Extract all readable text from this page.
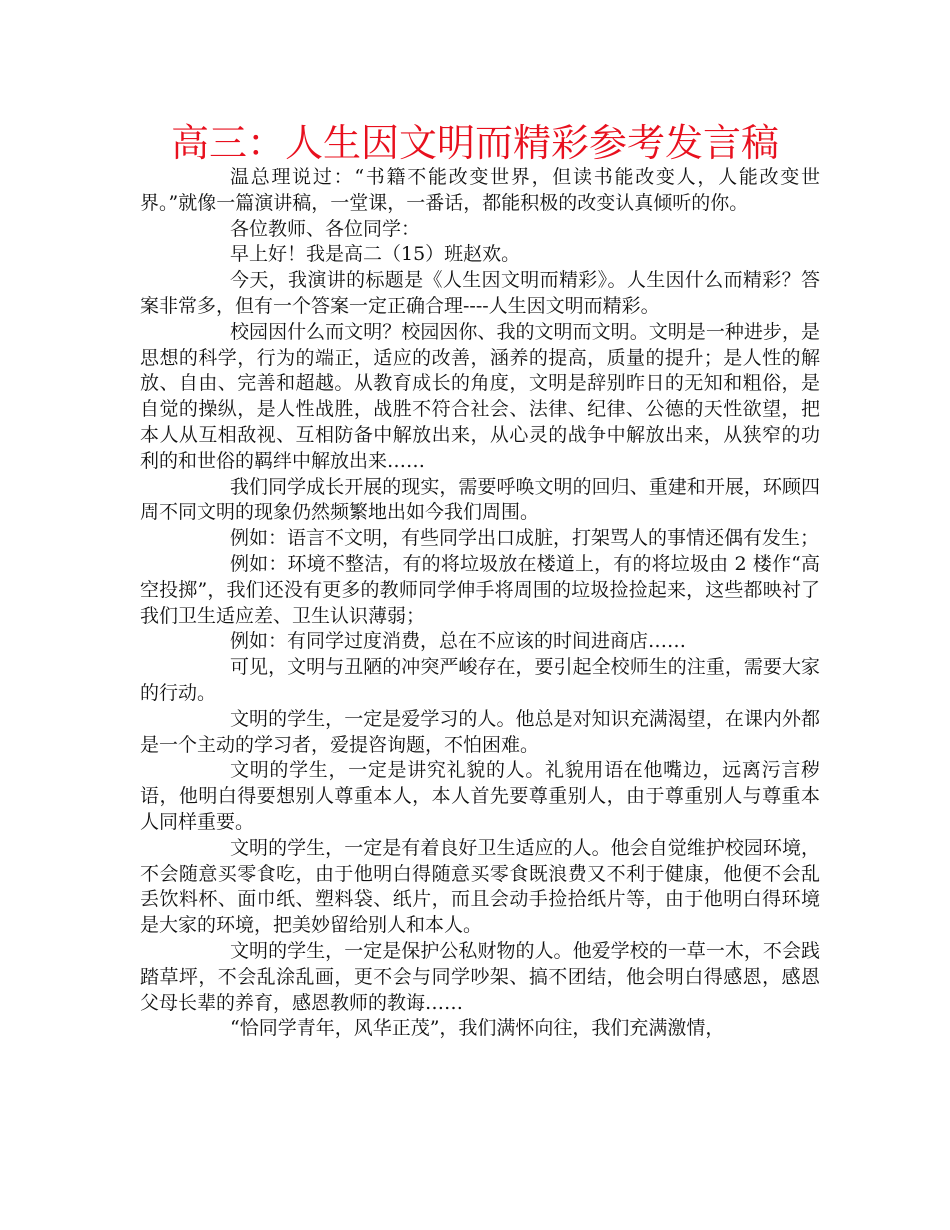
高三：人生因文明而精彩参考发言稿

温总理说过：“书籍不能改变世界，但读书能改变人，人能改变世界。”就像一篇演讲稿，一堂课，一番话，都能积极的改变认真倾听的你。

各位教师、各位同学：

早上好！我是高二（15）班赵欢。

今天，我演讲的标题是《人生因文明而精彩》。人生因什么而精彩？答案非常多，但有一个答案一定正确合理----人生因文明而精彩。

校园因什么而文明？校园因你、我的文明而文明。文明是一种进步，是思想的科学，行为的端正，适应的改善，涵养的提高，质量的提升；是人性的解放、自由、完善和超越。从教育成长的角度，文明是辞别昨日的无知和粗俗，是自觉的操纵，是人性战胜，战胜不符合社会、法律、纪律、公德的天性欲望，把本人从互相敌视、互相防备中解放出来，从心灵的战争中解放出来，从狭窄的功利的和世俗的羁绊中解放出来……

我们同学成长开展的现实，需要呼唤文明的回归、重建和开展，环顾四周不同文明的现象仍然频繁地出如今我们周围。

例如：语言不文明，有些同学出口成脏，打架骂人的事情还偶有发生；

例如：环境不整洁，有的将垃圾放在楼道上，有的将垃圾由 2 楼作“高空投掷”，我们还没有更多的教师同学伸手将周围的垃圾捡捡起来，这些都映衬了我们卫生适应差、卫生认识薄弱；

例如：有同学过度消费，总在不应该的时间进商店……

可见，文明与丑陋的冲突严峻存在，要引起全校师生的注重，需要大家的行动。

文明的学生，一定是爱学习的人。他总是对知识充满渴望，在课内外都是一个主动的学习者，爱提咨询题，不怕困难。

文明的学生，一定是讲究礼貌的人。礼貌用语在他嘴边，远离污言秽语，他明白得要想别人尊重本人，本人首先要尊重别人，由于尊重别人与尊重本人同样重要。

文明的学生，一定是有着良好卫生适应的人。他会自觉维护校园环境，不会随意买零食吃，由于他明白得随意买零食既浪费又不利于健康，他便不会乱丢饮料杯、面巾纸、塑料袋、纸片，而且会动手捡拾纸片等，由于他明白得环境是大家的环境，把美妙留给别人和本人。

文明的学生，一定是保护公私财物的人。他爱学校的一草一木，不会践踏草坪，不会乱涂乱画，更不会与同学吵架、搞不团结，他会明白得感恩，感恩父母长辈的养育，感恩教师的教诲……

“恰同学青年，风华正茂”，我们满怀向往，我们充满激情，
